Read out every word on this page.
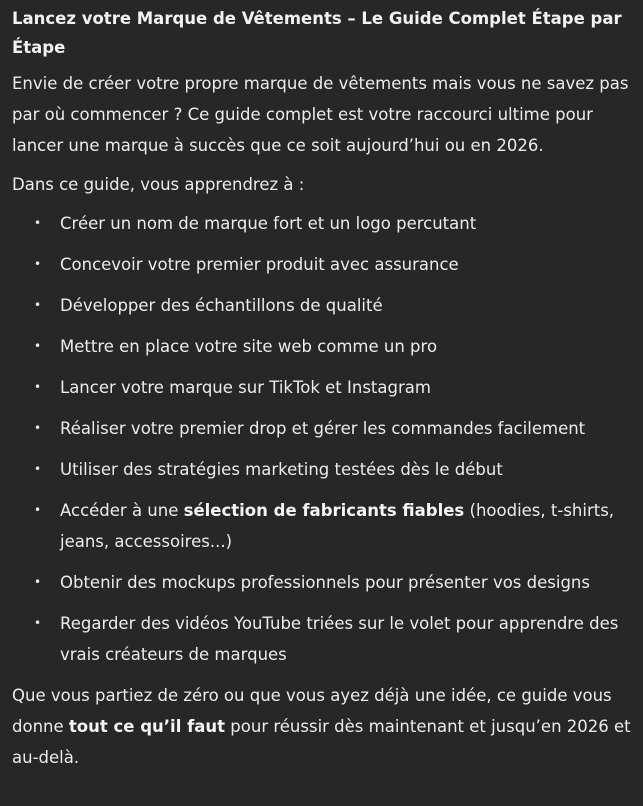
Lancez votre Marque de Vêtements – Le Guide Complet Étape par Étape

Envie de créer votre propre marque de vêtements mais vous ne savez pas par où commencer ? Ce guide complet est votre raccourci ultime pour lancer une marque à succès que ce soit aujourd’hui ou en 2026.

Dans ce guide, vous apprendrez à :

• Créer un nom de marque fort et un logo percutant
• Concevoir votre premier produit avec assurance
• Développer des échantillons de qualité
• Mettre en place votre site web comme un pro
• Lancer votre marque sur TikTok et Instagram
• Réaliser votre premier drop et gérer les commandes facilement
• Utiliser des stratégies marketing testées dès le début
• Accéder à une sélection de fabricants fiables (hoodies, t-shirts, jeans, accessoires...)
• Obtenir des mockups professionnels pour présenter vos designs
• Regarder des vidéos YouTube triées sur le volet pour apprendre des vrais créateurs de marques

Que vous partiez de zéro ou que vous ayez déjà une idée, ce guide vous donne tout ce qu’il faut pour réussir dès maintenant et jusqu’en 2026 et au-delà.
